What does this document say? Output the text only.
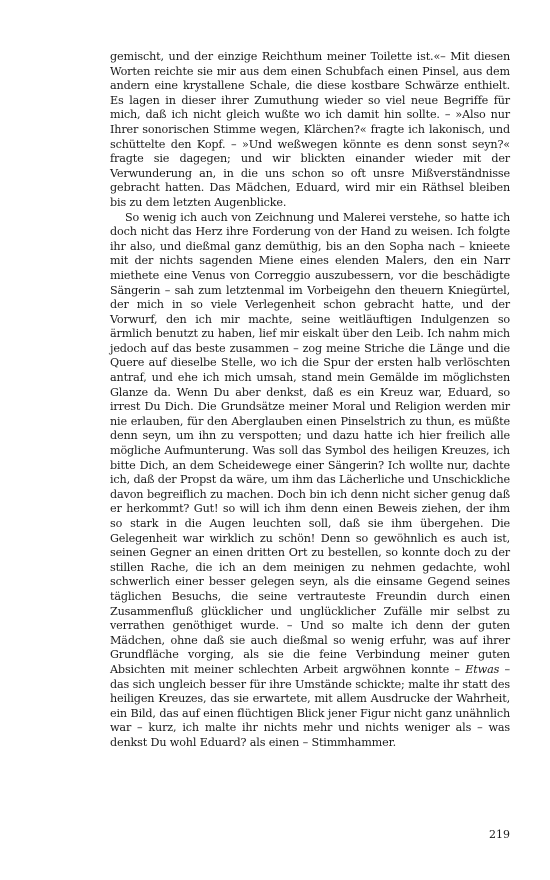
gemischt, und der einzige Reichthum meiner Toilette ist.«– Mit diesen Worten reichte sie mir aus dem einen Schubfach einen Pinsel, aus dem andern eine krystallene Schale, die diese kostbare Schwärze enthielt. Es lagen in dieser ihrer Zumuthung wieder so viel neue Begriffe für mich, daß ich nicht gleich wußte wo ich damit hin sollte. – »Also nur Ihrer sonorischen Stimme wegen, Klärchen?« fragte ich lakonisch, und schüttelte den Kopf. – »Und weßwegen könnte es denn sonst seyn?« fragte sie dagegen; und wir blickten einander wieder mit der Verwunderung an, in die uns schon so oft unsre Mißverständnisse gebracht hatten. Das Mädchen, Eduard, wird mir ein Räthsel bleiben bis zu dem letzten Augenblicke.

So wenig ich auch von Zeichnung und Malerei verstehe, so hatte ich doch nicht das Herz ihre Forderung von der Hand zu weisen. Ich folgte ihr also, und dießmal ganz demüthig, bis an den Sopha nach – knieete mit der nichts sagenden Miene eines elenden Malers, den ein Narr miethete eine Venus von Correggio auszubessern, vor die beschädigte Sängerin – sah zum letztenmal im Vorbeigehn den theuern Kniegürtel, der mich in so viele Verlegenheit schon gebracht hatte, und der Vorwurf, den ich mir machte, seine weitläuftigen Indulgenzen so ärmlich benutzt zu haben, lief mir eiskalt über den Leib. Ich nahm mich jedoch auf das beste zusammen – zog meine Striche die Länge und die Quere auf dieselbe Stelle, wo ich die Spur der ersten halb verlöschten antraf, und ehe ich mich umsah, stand mein Gemälde im möglichsten Glanze da. Wenn Du aber denkst, daß es ein Kreuz war, Eduard, so irrest Du Dich. Die Grundsätze meiner Moral und Religion werden mir nie erlauben, für den Aberglauben einen Pinselstrich zu thun, es müßte denn seyn, um ihn zu verspotten; und dazu hatte ich hier freilich alle mögliche Aufmunterung. Was soll das Symbol des heiligen Kreuzes, ich bitte Dich, an dem Scheidewege einer Sängerin? Ich wollte nur, dachte ich, daß der Propst da wäre, um ihm das Lächerliche und Unschickliche davon begreiflich zu machen. Doch bin ich denn nicht sicher genug daß er herkommt? Gut! so will ich ihm denn einen Beweis ziehen, der ihm so stark in die Augen leuchten soll, daß sie ihm übergehen. Die Gelegenheit war wirklich zu schön! Denn so gewöhnlich es auch ist, seinen Gegner an einen dritten Ort zu bestellen, so konnte doch zu der stillen Rache, die ich an dem meinigen zu nehmen gedachte, wohl schwerlich einer besser gelegen seyn, als die einsame Gegend seines täglichen Besuchs, die seine vertrauteste Freundin durch einen Zusammenfluß glücklicher und unglücklicher Zufälle mir selbst zu verrathen genöthiget wurde. – Und so malte ich denn der guten Mädchen, ohne daß sie auch dießmal so wenig erfuhr, was auf ihrer Grundfläche vorging, als sie die feine Verbindung meiner guten Absichten mit meiner schlechten Arbeit argwöhnen konnte – Etwas – das sich ungleich besser für ihre Umstände schickte; malte ihr statt des heiligen Kreuzes, das sie erwartete, mit allem Ausdrucke der Wahrheit, ein Bild, das auf einen flüchtigen Blick jener Figur nicht ganz unähnlich war – kurz, ich malte ihr nichts mehr und nichts weniger als – was denkst Du wohl Eduard? als einen – Stimmhammer.

219
